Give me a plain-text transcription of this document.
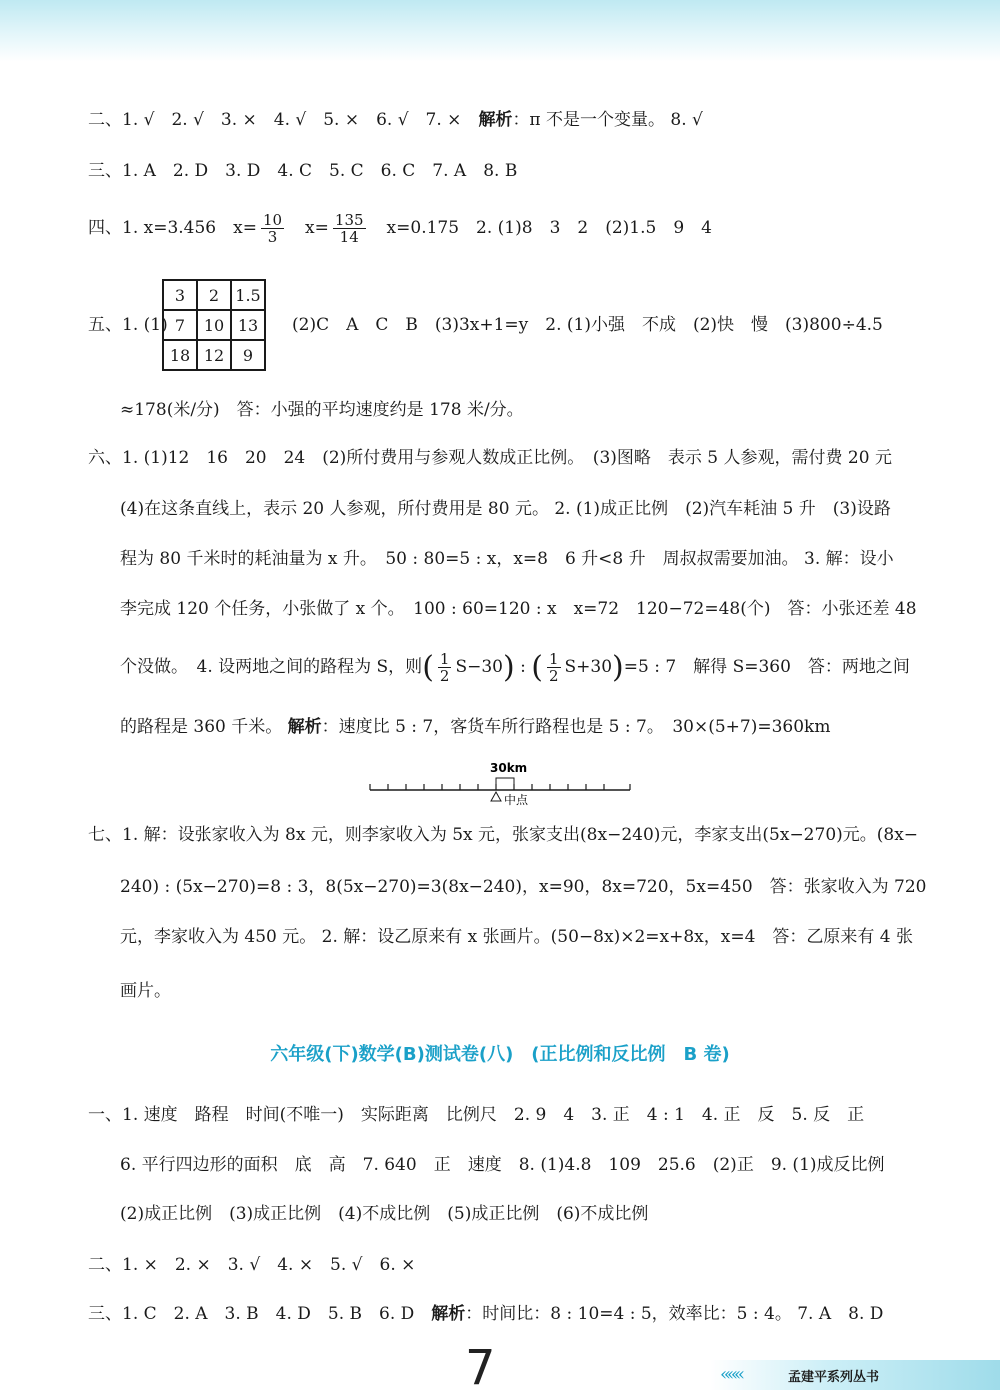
二、1. √　2. √　3. ×　4. √　5. ×　6. √　7. ×　解析：π 不是一个变量。 8. √
三、1. A　2. D　3. D　4. C　5. C　6. C　7. A　8. B
四、1. x=3.456　$x= \frac{10}{3}$ 　$x= \frac{135}{14}$ 　x=0.175　2. (1)8　3　2　(2)1.5　9　4
五、1. (1)
3	2	1.5
7	10	13
18	12	9
(2)C　A　C　B　(3)3x+1=y　2. (1)小强　不成　(2)快　慢　(3)800÷4.5
≈178(米/分)　答：小强的平均速度约是 178 米/分。
六、1. (1)12　16　20　24　(2)所付费用与参观人数成正比例。　(3)图略　表示 5 人参观，需付费 20 元
(4)在这条直线上，表示 20 人参观，所付费用是 80 元。 2. (1)成正比例　(2)汽车耗油 5 升　(3)设路
程为 80 千米时的耗油量为 x 升。　50 : 80=5 : x，x=8　6 升<8 升　周叔叔需要加油。 3. 解：设小
李完成 120 个任务，小张做了 x 个。　100 : 60=120 : x　x=72　120−72=48(个)　答：小张还差 48
个没做。　4. 设两地之间的路程为 S，则( $\frac{1}{2} S-30$) : ( $\frac{1}{2} S+30)=5$ : 7　解得 S=360　答：两地之间
的路程是 360 千米。 解析：速度比 5 : 7，客货车所行路程也是 5 : 7。　30×(5+7)=360km
30km
中点
七、1. 解：设张家收入为 8x 元，则李家收入为 5x 元，张家支出(8x−240)元，李家支出(5x−270)元。(8x−
240) : (5x−270)=8 : 3，8(5x−270)=3(8x−240)，x=90，8x=720，5x=450　答：张家收入为 720
元，李家收入为 450 元。 2. 解：设乙原来有 x 张画片。(50−8x)×2=x+8x，x=4　答：乙原来有 4 张
画片。
六年级(下)数学(B)测试卷(八)　(正比例和反比例　B 卷)
一、1. 速度　路程　时间(不唯一)　实际距离　比例尺　2. 9　4　3. 正　4 : 1　4. 正　反　5. 反　正
6. 平行四边形的面积　底　高　7. 640　正　速度　8. (1)4.8　109　25.6　(2)正　9. (1)成反比例
(2)成正比例　(3)成正比例　(4)不成比例　(5)成正比例　(6)不成比例
二、1. ×　2. ×　3. √　4. ×　5. √　6. ×
三、1. C　2. A　3. B　4. D　5. B　6. D　解析：时间比：8 : 10=4 : 5，效率比：5 : 4。 7. A　8. D
7	«««	孟建平系列丛书
